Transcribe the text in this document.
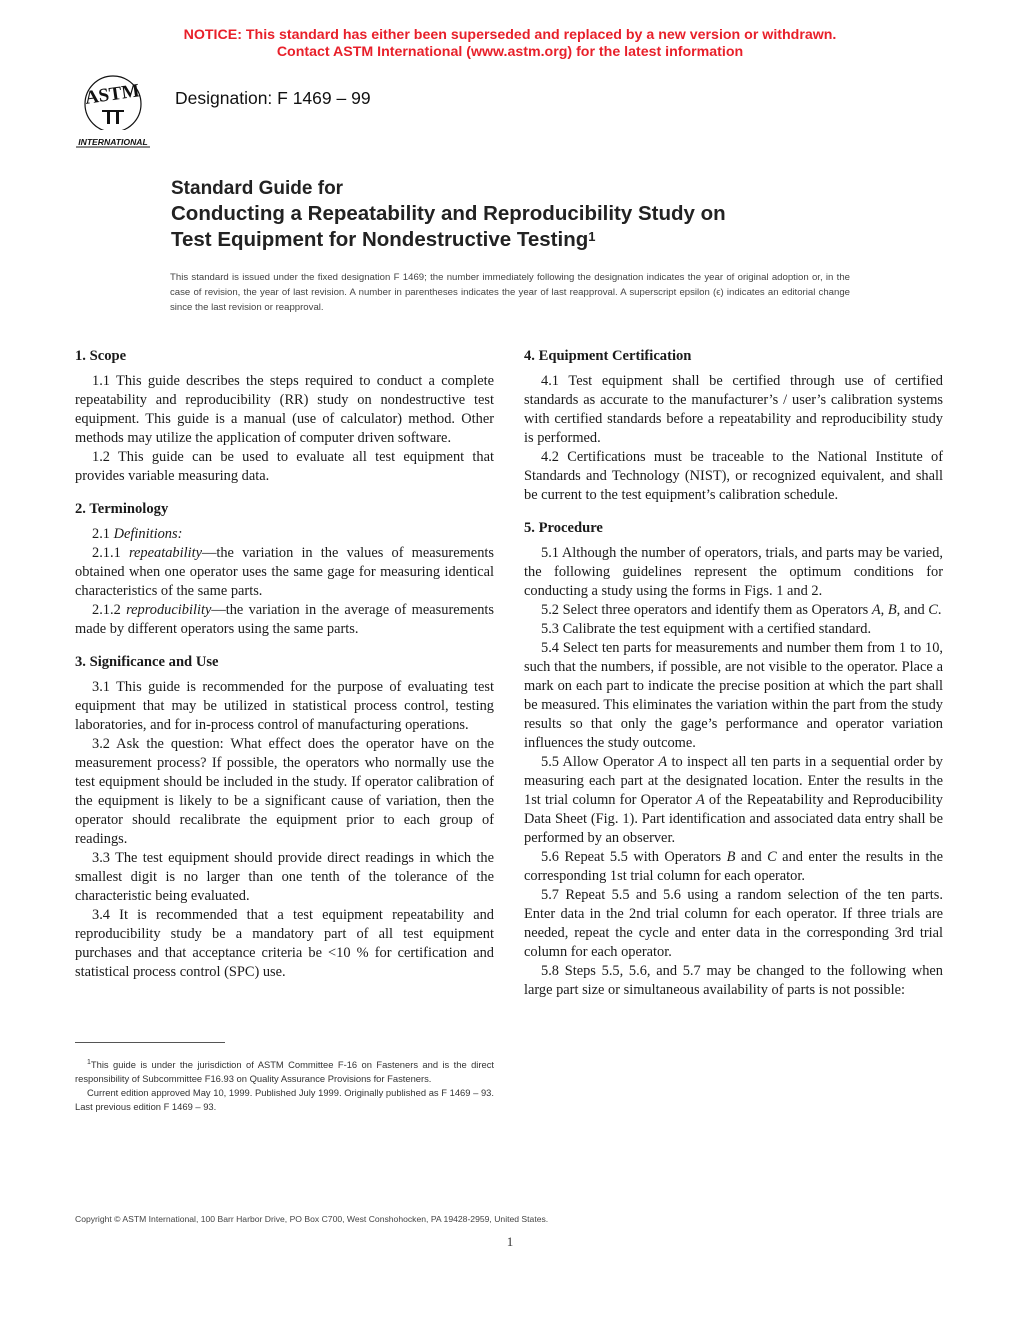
NOTICE: This standard has either been superseded and replaced by a new version or withdrawn.
Contact ASTM International (www.astm.org) for the latest information
ASTM
INTERNATIONAL
Designation: F 1469 – 99
Standard Guide for
Conducting a Repeatability and Reproducibility Study on
Test Equipment for Nondestructive Testing$^1$
This standard is issued under the fixed designation F 1469; the number immediately following the designation indicates the year of original adoption or, in the case of revision, the year of last revision. A number in parentheses indicates the year of last reapproval. A superscript epsilon (ϵ) indicates an editorial change since the last revision or reapproval.
1. Scope

1.1 This guide describes the steps required to conduct a complete repeatability and reproducibility (RR) study on nondestructive test equipment. This guide is a manual (use of calculator) method. Other methods may utilize the application of computer driven software.

1.2 This guide can be used to evaluate all test equipment that provides variable measuring data.

2. Terminology

2.1 Definitions:

2.1.1 repeatability—the variation in the values of measurements obtained when one operator uses the same gage for measuring identical characteristics of the same parts.

2.1.2 reproducibility—the variation in the average of measurements made by different operators using the same parts.

3. Significance and Use

3.1 This guide is recommended for the purpose of evaluating test equipment that may be utilized in statistical process control, testing laboratories, and for in-process control of manufacturing operations.

3.2 Ask the question: What effect does the operator have on the measurement process? If possible, the operators who normally use the test equipment should be included in the study. If operator calibration of the equipment is likely to be a significant cause of variation, then the operator should recalibrate the equipment prior to each group of readings.

3.3 The test equipment should provide direct readings in which the smallest digit is no larger than one tenth of the tolerance of the characteristic being evaluated.

3.4 It is recommended that a test equipment repeatability and reproducibility study be a mandatory part of all test equipment purchases and that acceptance criteria be <10 % for certification and statistical process control (SPC) use.

4. Equipment Certification

4.1 Test equipment shall be certified through use of certified standards as accurate to the manufacturer’s / user’s calibration systems with certified standards before a repeatability and reproducibility study is performed.

4.2 Certifications must be traceable to the National Institute of Standards and Technology (NIST), or recognized equivalent, and shall be current to the test equipment’s calibration schedule.

5. Procedure

5.1 Although the number of operators, trials, and parts may be varied, the following guidelines represent the optimum conditions for conducting a study using the forms in Figs. 1 and 2.

5.2 Select three operators and identify them as Operators A, B, and C.

5.3 Calibrate the test equipment with a certified standard.

5.4 Select ten parts for measurements and number them from 1 to 10, such that the numbers, if possible, are not visible to the operator. Place a mark on each part to indicate the precise position at which the part shall be measured. This eliminates the variation within the part from the study results so that only the gage’s performance and operator variation influences the study outcome.

5.5 Allow Operator A to inspect all ten parts in a sequential order by measuring each part at the designated location. Enter the results in the 1st trial column for Operator A of the Repeatability and Reproducibility Data Sheet (Fig. 1). Part identification and associated data entry shall be performed by an observer.

5.6 Repeat 5.5 with Operators B and C and enter the results in the corresponding 1st trial column for each operator.

5.7 Repeat 5.5 and 5.6 using a random selection of the ten parts. Enter data in the 2nd trial column for each operator. If three trials are needed, repeat the cycle and enter data in the corresponding 3rd trial column for each operator.

5.8 Steps 5.5, 5.6, and 5.7 may be changed to the following when large part size or simultaneous availability of parts is not possible:

$^1$This guide is under the jurisdiction of ASTM Committee F-16 on Fasteners and is the direct responsibility of Subcommittee F16.93 on Quality Assurance Provisions for Fasteners.

Current edition approved May 10, 1999. Published July 1999. Originally published as F 1469 – 93. Last previous edition F 1469 – 93.

Copyright © ASTM International, 100 Barr Harbor Drive, PO Box C700, West Conshohocken, PA 19428-2959, United States.
1
